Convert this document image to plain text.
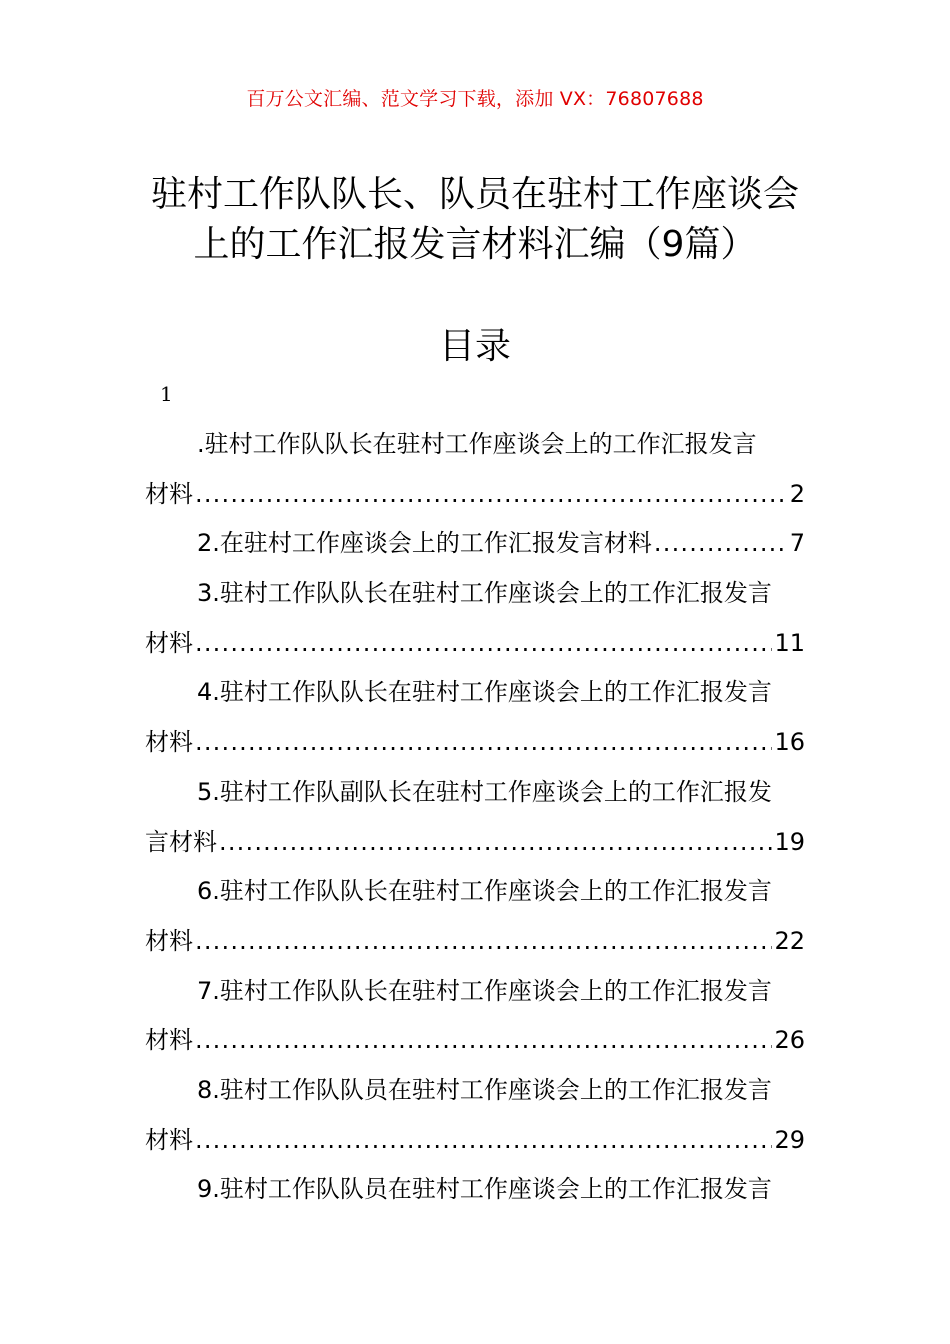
百万公文汇编、范文学习下载，添加 VX：76807688
驻村工作队队长、队员在驻村工作座谈会
上的工作汇报发言材料汇编（9篇）
目录
1
.驻村工作队队长在驻村工作座谈会上的工作汇报发言
材料 .....	2
2.在驻村工作座谈会上的工作汇报发言材料 .....	7
3.驻村工作队队长在驻村工作座谈会上的工作汇报发言
材料 .....	11
4.驻村工作队队长在驻村工作座谈会上的工作汇报发言
材料 .....	16
5.驻村工作队副队长在驻村工作座谈会上的工作汇报发
言材料 .....	19
6.驻村工作队队长在驻村工作座谈会上的工作汇报发言
材料 .....	22
7.驻村工作队队长在驻村工作座谈会上的工作汇报发言
材料 .....	26
8.驻村工作队队员在驻村工作座谈会上的工作汇报发言
材料 .....	29
9.驻村工作队队员在驻村工作座谈会上的工作汇报发言
